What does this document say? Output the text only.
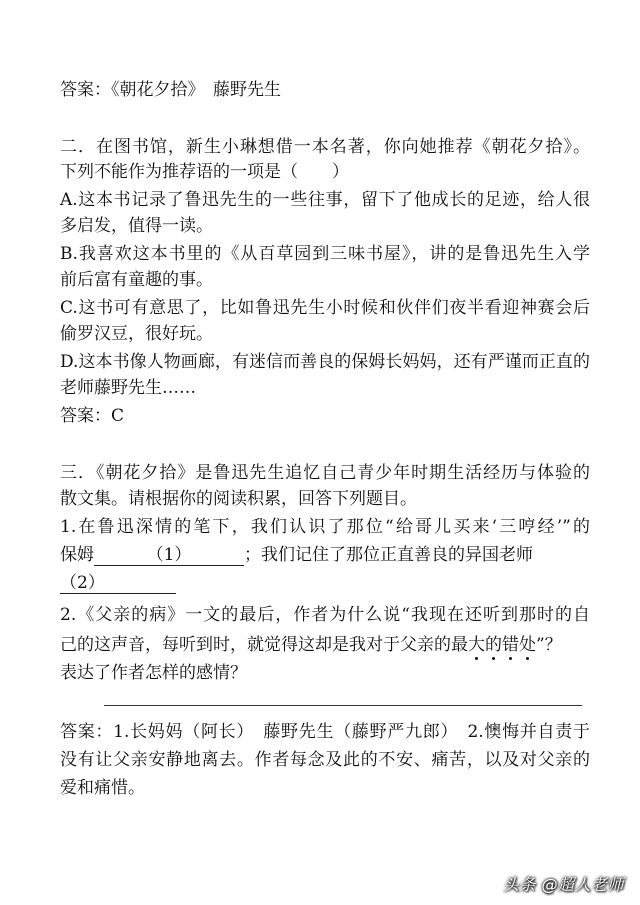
答案：《朝花夕拾》　藤野先生
二．在图书馆，新生小琳想借一本名著，你向她推荐《朝花夕拾》。
下列不能作为推荐语的一项是（　　）
A.这本书记录了鲁迅先生的一些往事，留下了他成长的足迹，给人很
多启发，值得一读。
B.我喜欢这本书里的《从百草园到三味书屋》，讲的是鲁迅先生入学
前后富有童趣的事。
C.这书可有意思了，比如鲁迅先生小时候和伙伴们夜半看迎神赛会后
偷罗汉豆，很好玩。
D.这本书像人物画廊，有迷信而善良的保姆长妈妈，还有严谨而正直的
老师藤野先生……
答案：C
三．《朝花夕拾》是鲁迅先生追忆自己青少年时期生活经历与体验的
散文集。请根据你的阅读积累，回答下列题目。
1.在鲁迅深情的笔下，我们认识了那位“给哥儿买来‘三哼经’”的
保姆	（1）	；我们记住了那位正直善良的异国老师
（2）
2.《父亲的病》一文的最后，作者为什么说“我现在还听到那时的自
己的这声音，每听到时，就觉得这却是我对于父亲的最大的错处”？
表达了作者怎样的感情？
答案：1.长妈妈（阿长）　藤野先生（藤野严九郎）　2.懊悔并自责于
没有让父亲安静地离去。作者每念及此的不安、痛苦，以及对父亲的
爱和痛惜。
头条 @超人老师
